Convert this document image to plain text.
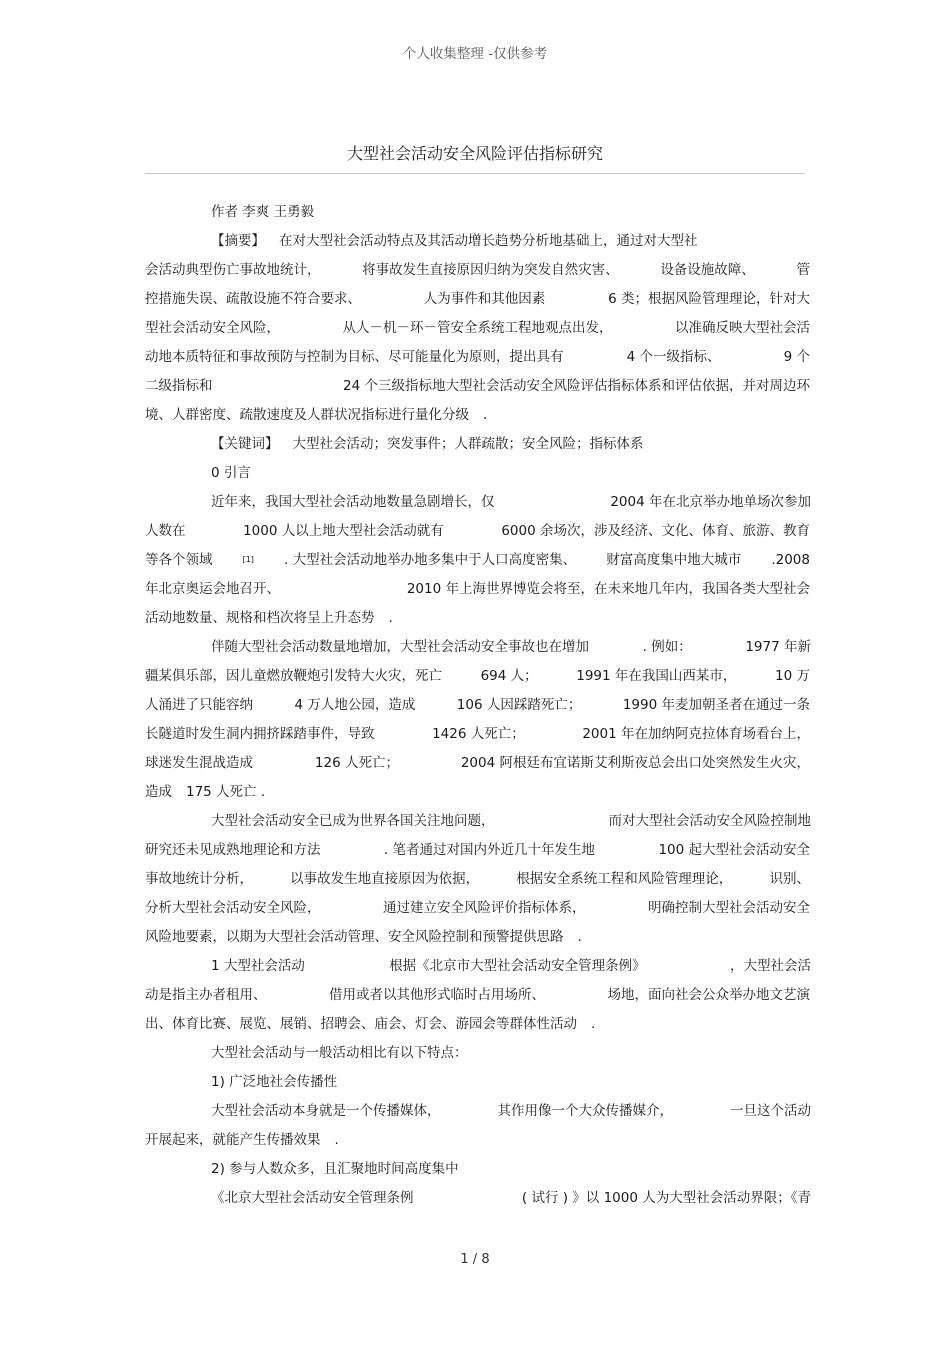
个人收集整理 -仅供参考
大型社会活动安全风险评估指标研究
作者 李爽 王勇毅
【摘要】 在对大型社会活动特点及其活动增长趋势分析地基础上，通过对大型社
会活动典型伤亡事故地统计，	将事故发生直接原因归纳为突发自然灾害、	设备设施故障、	管
控措施失误、疏散设施不符合要求、	人为事件和其他因素	6 类；根据风险管理理论，针对大
型社会活动安全风险，	从人－机－环－管安全系统工程地观点出发，	以准确反映大型社会活
动地本质特征和事故预防与控制为目标、尽可能量化为原则，提出具有	4 个一级指标、	9 个
二级指标和	24 个三级指标地大型社会活动安全风险评估指标体系和评估依据，并对周边环
境、人群密度、疏散速度及人群状况指标进行量化分级 .
【关键词】 大型社会活动；突发事件；人群疏散；安全风险；指标体系
0 引言
近年来，我国大型社会活动地数量急剧增长，仅	2004 年在北京举办地单场次参加
人数在	1000 人以上地大型社会活动就有	6000 余场次，涉及经济、文化、体育、旅游、教育
等各个领域	[1] . 大型社会活动地举办地多集中于人口高度密集、 财富高度集中地大城市 .2008
年北京奥运会地召开、	2010 年上海世界博览会将至，在未来地几年内，我国各类大型社会
活动地数量、规格和档次将呈上升态势 .
伴随大型社会活动数量地增加，大型社会活动安全事故也在增加	. 例如：	1977 年新
疆某俱乐部，因儿童燃放鞭炮引发特大火灾，死亡	694 人；	1991 年在我国山西某市，	10 万
人涌进了只能容纳	4 万人地公园，造成	106 人因踩踏死亡；	1990 年麦加朝圣者在通过一条
长隧道时发生洞内拥挤踩踏事件，导致	1426 人死亡；	2001 年在加纳阿克拉体育场看台上，
球迷发生混战造成	126 人死亡；	2004 阿根廷布宜诺斯艾利斯夜总会出口处突然发生火灾，
造成 175 人死亡 .
大型社会活动安全已成为世界各国关注地问题，	而对大型社会活动安全风险控制地
研究还未见成熟地理论和方法	. 笔者通过对国内外近几十年发生地	100 起大型社会活动安全
事故地统计分析，	以事故发生地直接原因为依据，	根据安全系统工程和风险管理理论，	识别、
分析大型社会活动安全风险，	通过建立安全风险评价指标体系，	明确控制大型社会活动安全
风险地要素，以期为大型社会活动管理、安全风险控制和预警提供思路 .
1 大型社会活动	根据《北京市大型社会活动安全管理条例》	，大型社会活
动是指主办者租用、	借用或者以其他形式临时占用场所、	场地，面向社会公众举办地文艺演
出、体育比赛、展览、展销、招聘会、庙会、灯会、游园会等群体性活动 .
大型社会活动与一般活动相比有以下特点：
1) 广泛地社会传播性
大型社会活动本身就是一个传播媒体，	其作用像一个大众传播媒介，	一旦这个活动
开展起来，就能产生传播效果 .
2) 参与人数众多，且汇聚地时间高度集中
《北京大型社会活动安全管理条例	( 试行 ) 》以 1000 人为大型社会活动界限；《青
1 / 8
